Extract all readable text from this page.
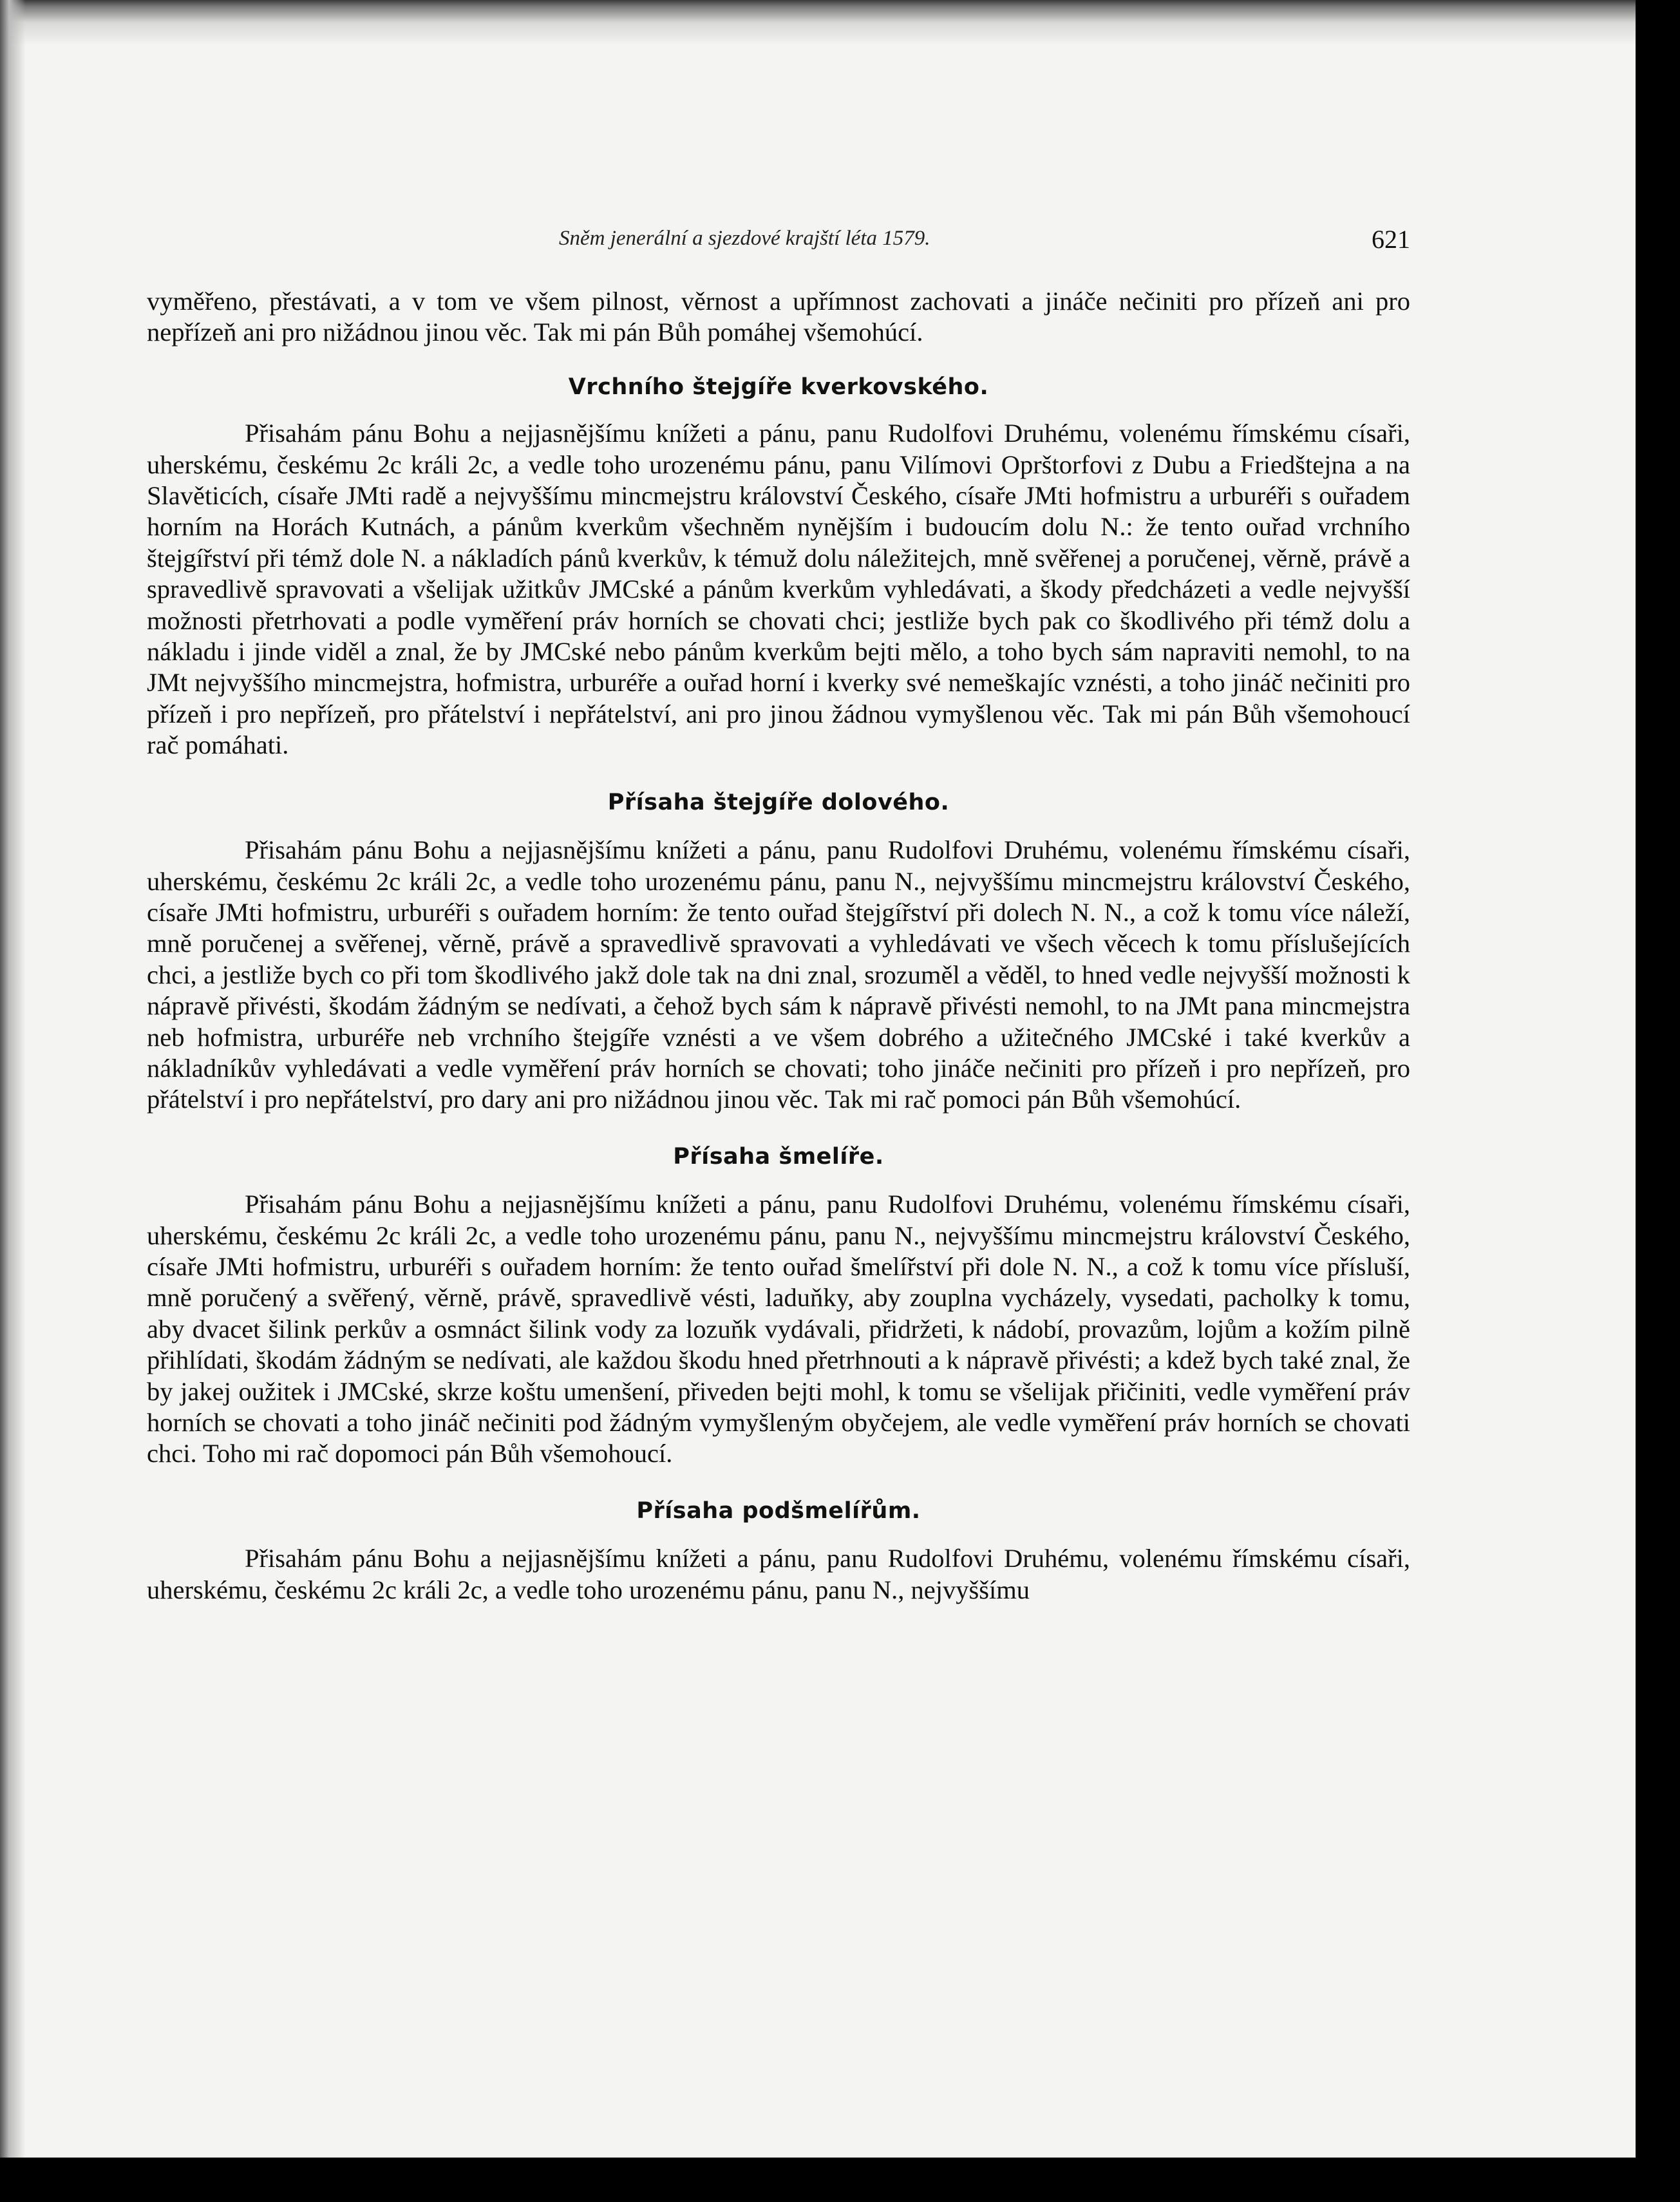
Sněm jenerální a sjezdové krajští léta 1579.	621

vyměřeno, přestávati, a v tom ve všem pilnost, věrnost a upřímnost zachovati a jináče nečiniti pro přízeň ani pro nepřízeň ani pro nižádnou jinou věc. Tak mi pán Bůh pomáhej všemohúcí.

Vrchního štejgíře kverkovského.

Přisahám pánu Bohu a nejjasnějšímu knížeti a pánu, panu Rudolfovi Druhému, volenému římskému císaři, uherskému, českému 2c králi 2c, a vedle toho urozenému pánu, panu Vilímovi Oprštorfovi z Dubu a Friedštejna a na Slavěticích, císaře JMti radě a nejvyššímu mincmejstru království Českého, císaře JMti hofmistru a urburéři s ouřadem horním na Horách Kutnách, a pánům kverkům všechněm nynějším i budoucím dolu N.: že tento ouřad vrchního štejgířství při témž dole N. a nákladích pánů kverkův, k témuž dolu náležitejch, mně svěřenej a poručenej, věrně, právě a spravedlivě spravovati a všelijak užitkův JMCské a pánům kverkům vyhledávati, a škody předcházeti a vedle nejvyšší možnosti přetrhovati a podle vyměření práv horních se chovati chci; jestliže bych pak co škodlivého při témž dolu a nákladu i jinde viděl a znal, že by JMCské nebo pánům kverkům bejti mělo, a toho bych sám napraviti nemohl, to na JMt nejvyššího mincmejstra, hofmistra, urburéře a ouřad horní i kverky své nemeškajíc vznésti, a toho jináč nečiniti pro přízeň i pro nepřízeň, pro přátelství i nepřátelství, ani pro jinou žádnou vymyšlenou věc. Tak mi pán Bůh všemohoucí rač pomáhati.

Přísaha štejgíře dolového.

Přisahám pánu Bohu a nejjasnějšímu knížeti a pánu, panu Rudolfovi Druhému, volenému římskému císaři, uherskému, českému 2c králi 2c, a vedle toho urozenému pánu, panu N., nejvyššímu mincmejstru království Českého, císaře JMti hofmistru, urburéři s ouřadem horním: že tento ouřad štejgířství při dolech N. N., a což k tomu více náleží, mně poručenej a svěřenej, věrně, právě a spravedlivě spravovati a vyhledávati ve všech věcech k tomu příslušejících chci, a jestliže bych co při tom škodlivého jakž dole tak na dni znal, srozuměl a věděl, to hned vedle nejvyšší možnosti k nápravě přivésti, škodám žádným se nedívati, a čehož bych sám k nápravě přivésti nemohl, to na JMt pana mincmejstra neb hofmistra, urburéře neb vrchního štejgíře vznésti a ve všem dobrého a užitečného JMCské i také kverkův a nákladníkův vyhledávati a vedle vyměření práv horních se chovati; toho jináče nečiniti pro přízeň i pro nepřízeň, pro přátelství i pro nepřátelství, pro dary ani pro nižádnou jinou věc. Tak mi rač pomoci pán Bůh všemohúcí.

Přísaha šmelíře.

Přisahám pánu Bohu a nejjasnějšímu knížeti a pánu, panu Rudolfovi Druhému, volenému římskému císaři, uherskému, českému 2c králi 2c, a vedle toho urozenému pánu, panu N., nejvyššímu mincmejstru království Českého, císaře JMti hofmistru, urburéři s ouřadem horním: že tento ouřad šmelířství při dole N. N., a což k tomu více přísluší, mně poručený a svěřený, věrně, právě, spravedlivě vésti, laduňky, aby zouplna vycházely, vysedati, pacholky k tomu, aby dvacet šilink perkův a osmnáct šilink vody za lozuňk vydávali, přidržeti, k nádobí, provazům, lojům a kožím pilně přihlídati, škodám žádným se nedívati, ale každou škodu hned přetrhnouti a k nápravě přivésti; a kdež bych také znal, že by jakej oužitek i JMCské, skrze koštu umenšení, přiveden bejti mohl, k tomu se všelijak přičiniti, vedle vyměření práv horních se chovati a toho jináč nečiniti pod žádným vymyšleným obyčejem, ale vedle vyměření práv horních se chovati chci. Toho mi rač dopomoci pán Bůh všemohoucí.

Přísaha podšmelířům.

Přisahám pánu Bohu a nejjasnějšímu knížeti a pánu, panu Rudolfovi Druhému, volenému římskému císaři, uherskému, českému 2c králi 2c, a vedle toho urozenému pánu, panu N., nejvyššímu
